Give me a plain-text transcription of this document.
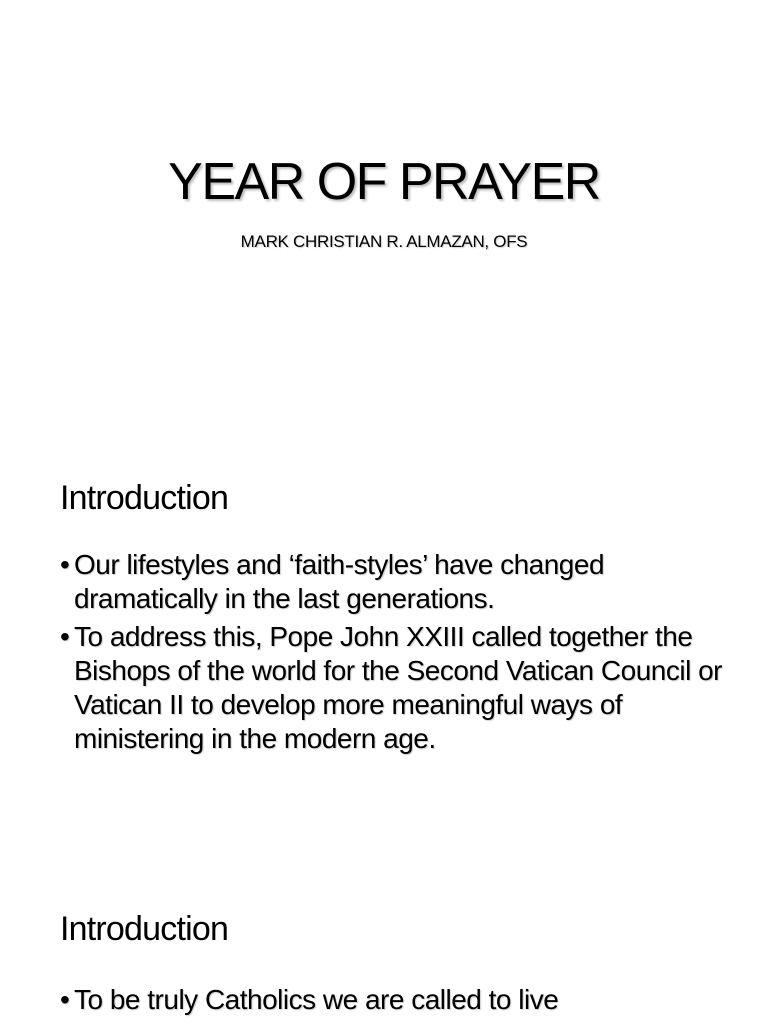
YEAR OF PRAYER
MARK CHRISTIAN R. ALMAZAN, OFS
Introduction
• Our lifestyles and ‘faith-styles’ have changed dramatically in the last generations.
• To address this, Pope John XXIII called together the Bishops of the world for the Second Vatican Council or Vatican II to develop more meaningful ways of ministering in the modern age.
Introduction
• To be truly Catholics we are called to live
